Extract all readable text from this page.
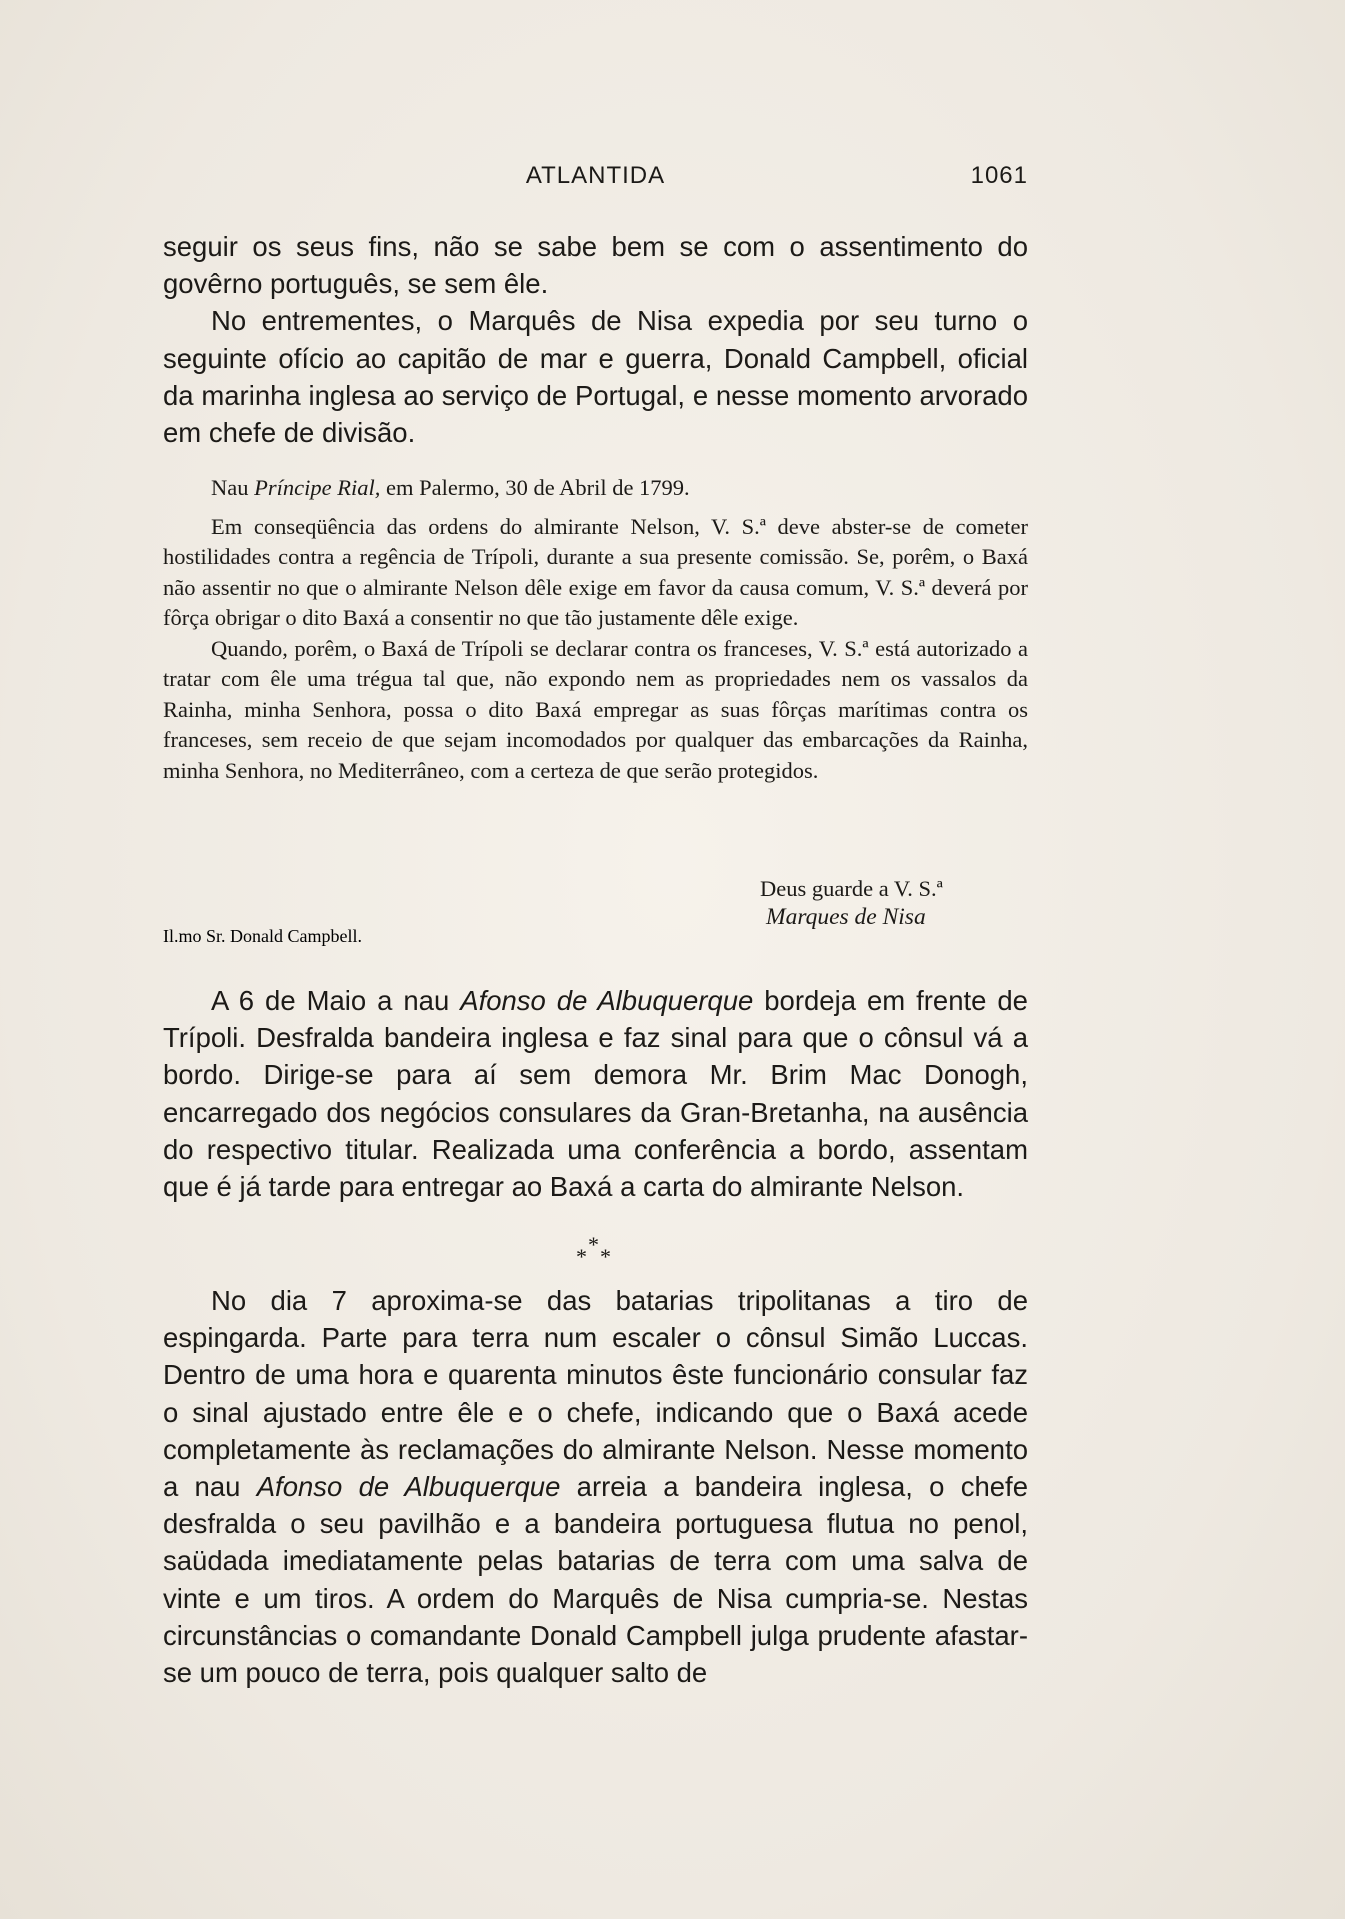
ATLANTIDA	1061

seguir os seus fins, não se sabe bem se com o assentimento do govêrno português, se sem êle.

No entrementes, o Marquês de Nisa expedia por seu turno o seguinte ofício ao capitão de mar e guerra, Donald Campbell, oficial da marinha inglesa ao serviço de Portugal, e nesse momento arvorado em chefe de divisão.

Nau Príncipe Rial, em Palermo, 30 de Abril de 1799.

Em conseqüência das ordens do almirante Nelson, V. S.ª deve abster-se de cometer hostilidades contra a regência de Trípoli, durante a sua presente comissão. Se, porêm, o Baxá não assentir no que o almirante Nelson dêle exige em favor da causa comum, V. S.ª deverá por fôrça obrigar o dito Baxá a consentir no que tão justamente dêle exige.

Quando, porêm, o Baxá de Trípoli se declarar contra os franceses, V. S.ª está autorizado a tratar com êle uma trégua tal que, não expondo nem as propriedades nem os vassalos da Rainha, minha Senhora, possa o dito Baxá empregar as suas fôrças marítimas contra os franceses, sem receio de que sejam incomodados por qualquer das embarcações da Rainha, minha Senhora, no Mediterrâneo, com a certeza de que serão protegidos.

Deus guarde a V. S.ª
Marques de Nisa
Il.mo Sr. Donald Campbell.

A 6 de Maio a nau Afonso de Albuquerque bordeja em frente de Trípoli. Desfralda bandeira inglesa e faz sinal para que o cônsul vá a bordo. Dirige-se para aí sem demora Mr. Brim Mac Donogh, encarregado dos negócios consulares da Gran-Bretanha, na ausência do respectivo titular. Realizada uma conferência a bordo, assentam que é já tarde para entregar ao Baxá a carta do almirante Nelson.

*
* *

No dia 7 aproxima-se das batarias tripolitanas a tiro de espingarda. Parte para terra num escaler o cônsul Simão Luccas. Dentro de uma hora e quarenta minutos êste funcionário consular faz o sinal ajustado entre êle e o chefe, indicando que o Baxá acede completamente às reclamações do almirante Nelson. Nesse momento a nau Afonso de Albuquerque arreia a bandeira inglesa, o chefe desfralda o seu pavilhão e a bandeira portuguesa flutua no penol, saüdada imediatamente pelas batarias de terra com uma salva de vinte e um tiros. A ordem do Marquês de Nisa cumpria-se. Nestas circunstâncias o comandante Donald Campbell julga prudente afastar-se um pouco de terra, pois qualquer salto de
